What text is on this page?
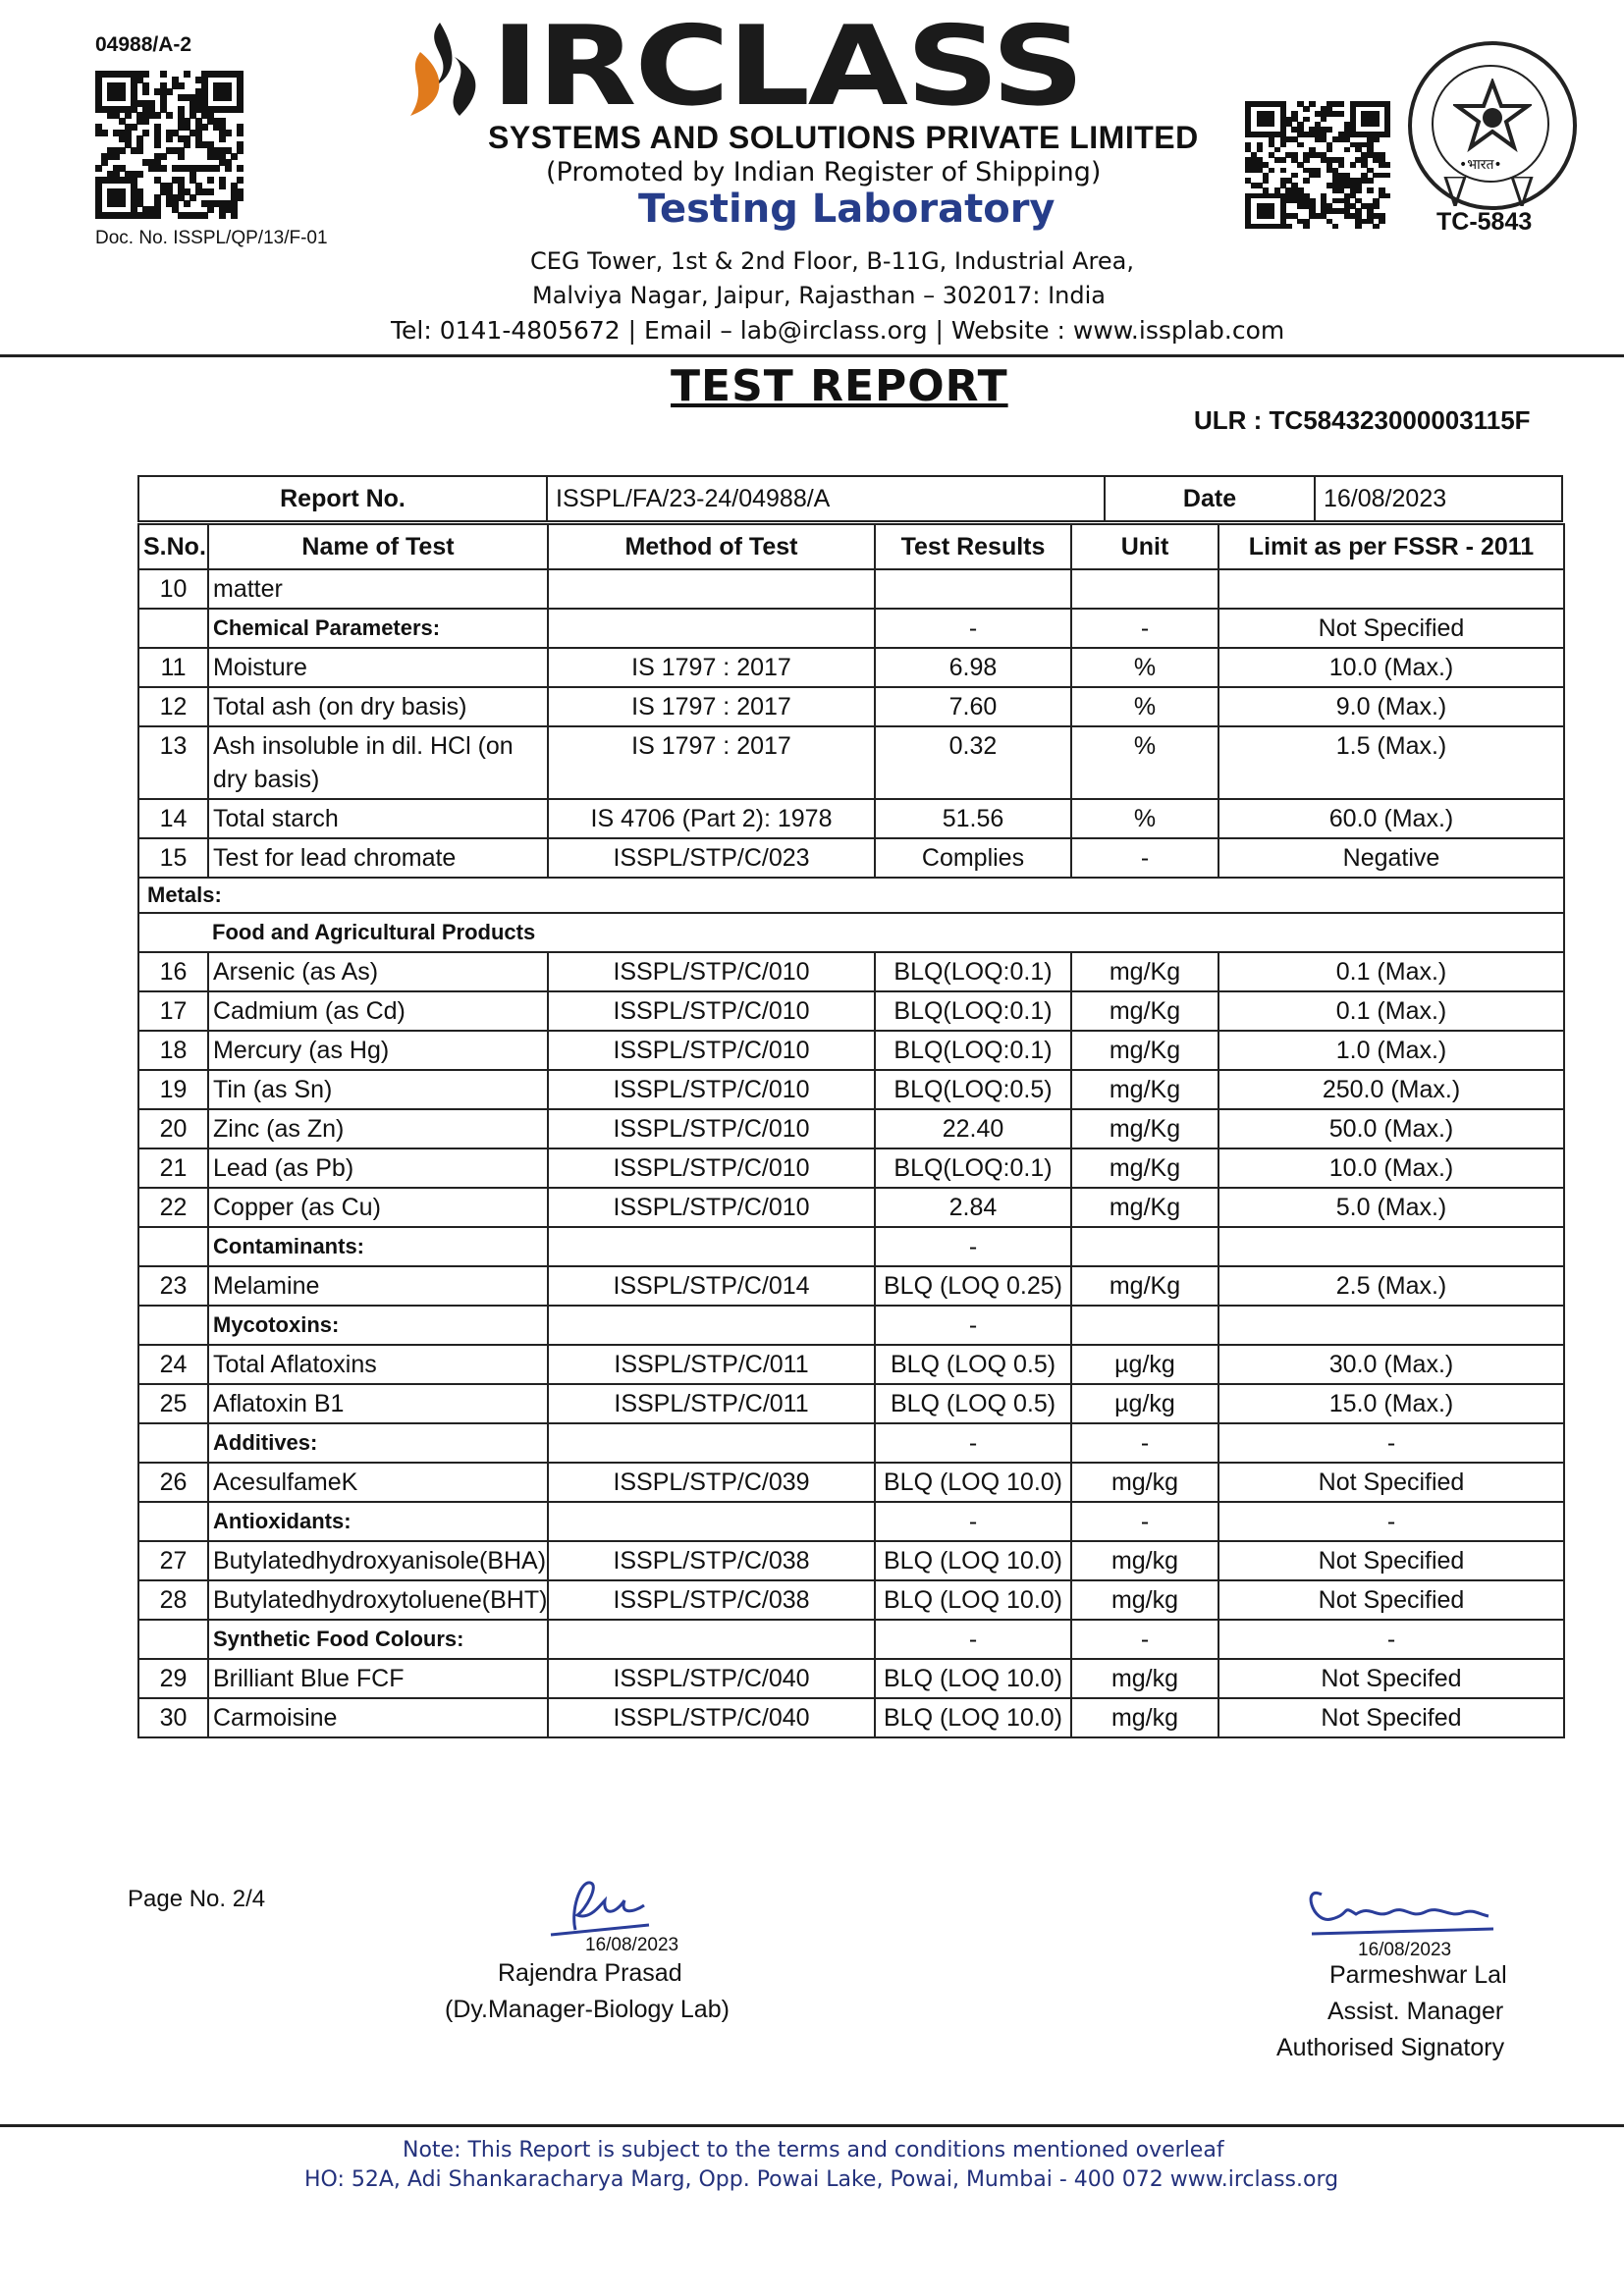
04988/A-2
Doc. No. ISSPL/QP/13/F-01
IRCLASS
SYSTEMS AND SOLUTIONS PRIVATE LIMITED
(Promoted by Indian Register of Shipping)
Testing Laboratory
CEG Tower, 1st & 2nd Floor, B-11G, Industrial Area,
Malviya Nagar, Jaipur, Rajasthan – 302017: India
Tel: 0141-4805672 | Email – lab@irclass.org | Website : www.issplab.com
•भारत•
TC-5843
TEST REPORT
ULR : TC584323000003115F
Report No.	ISSPL/FA/23-24/04988/A	Date	16/08/2023
S.No.	Name of Test	Method of Test	Test Results	Unit	Limit as per FSSR - 2011
10	matter				
	Chemical Parameters:		-	-	Not Specified
11	Moisture	IS 1797 : 2017	6.98	%	10.0 (Max.)
12	Total ash (on dry basis)	IS 1797 : 2017	7.60	%	9.0 (Max.)
13	Ash insoluble in dil. HCl (on dry basis)	IS 1797 : 2017	0.32	%	1.5 (Max.)
14	Total starch	IS 4706 (Part 2): 1978	51.56	%	60.0 (Max.)
15	Test for lead chromate	ISSPL/STP/C/023	Complies	-	Negative
Metals:					
Food and Agricultural Products					
16	Arsenic (as As)	ISSPL/STP/C/010	BLQ(LOQ:0.1)	mg/Kg	0.1 (Max.)
17	Cadmium (as Cd)	ISSPL/STP/C/010	BLQ(LOQ:0.1)	mg/Kg	0.1 (Max.)
18	Mercury (as Hg)	ISSPL/STP/C/010	BLQ(LOQ:0.1)	mg/Kg	1.0 (Max.)
19	Tin (as Sn)	ISSPL/STP/C/010	BLQ(LOQ:0.5)	mg/Kg	250.0 (Max.)
20	Zinc (as Zn)	ISSPL/STP/C/010	22.40	mg/Kg	50.0 (Max.)
21	Lead (as Pb)	ISSPL/STP/C/010	BLQ(LOQ:0.1)	mg/Kg	10.0 (Max.)
22	Copper (as Cu)	ISSPL/STP/C/010	2.84	mg/Kg	5.0 (Max.)
	Contaminants:		-		
23	Melamine	ISSPL/STP/C/014	BLQ (LOQ 0.25)	mg/Kg	2.5 (Max.)
	Mycotoxins:		-		
24	Total Aflatoxins	ISSPL/STP/C/011	BLQ (LOQ 0.5)	µg/kg	30.0 (Max.)
25	Aflatoxin B1	ISSPL/STP/C/011	BLQ (LOQ 0.5)	µg/kg	15.0 (Max.)
	Additives:		-	-	-
26	AcesulfameK	ISSPL/STP/C/039	BLQ (LOQ 10.0)	mg/kg	Not Specified
	Antioxidants:		-	-	-
27	Butylatedhydroxyanisole(BHA)	ISSPL/STP/C/038	BLQ (LOQ 10.0)	mg/kg	Not Specified
28	Butylatedhydroxytoluene(BHT)	ISSPL/STP/C/038	BLQ (LOQ 10.0)	mg/kg	Not Specified
	Synthetic Food Colours:		-	-	-
29	Brilliant Blue FCF	ISSPL/STP/C/040	BLQ (LOQ 10.0)	mg/kg	Not Specifed
30	Carmoisine	ISSPL/STP/C/040	BLQ (LOQ 10.0)	mg/kg	Not Specifed
Page No. 2/4
16/08/2023
Rajendra Prasad
(Dy.Manager-Biology Lab)
16/08/2023
Parmeshwar Lal
Assist. Manager
Authorised Signatory
Note: This Report is subject to the terms and conditions mentioned overleaf
HO: 52A, Adi Shankaracharya Marg, Opp. Powai Lake, Powai, Mumbai - 400 072 www.irclass.org
